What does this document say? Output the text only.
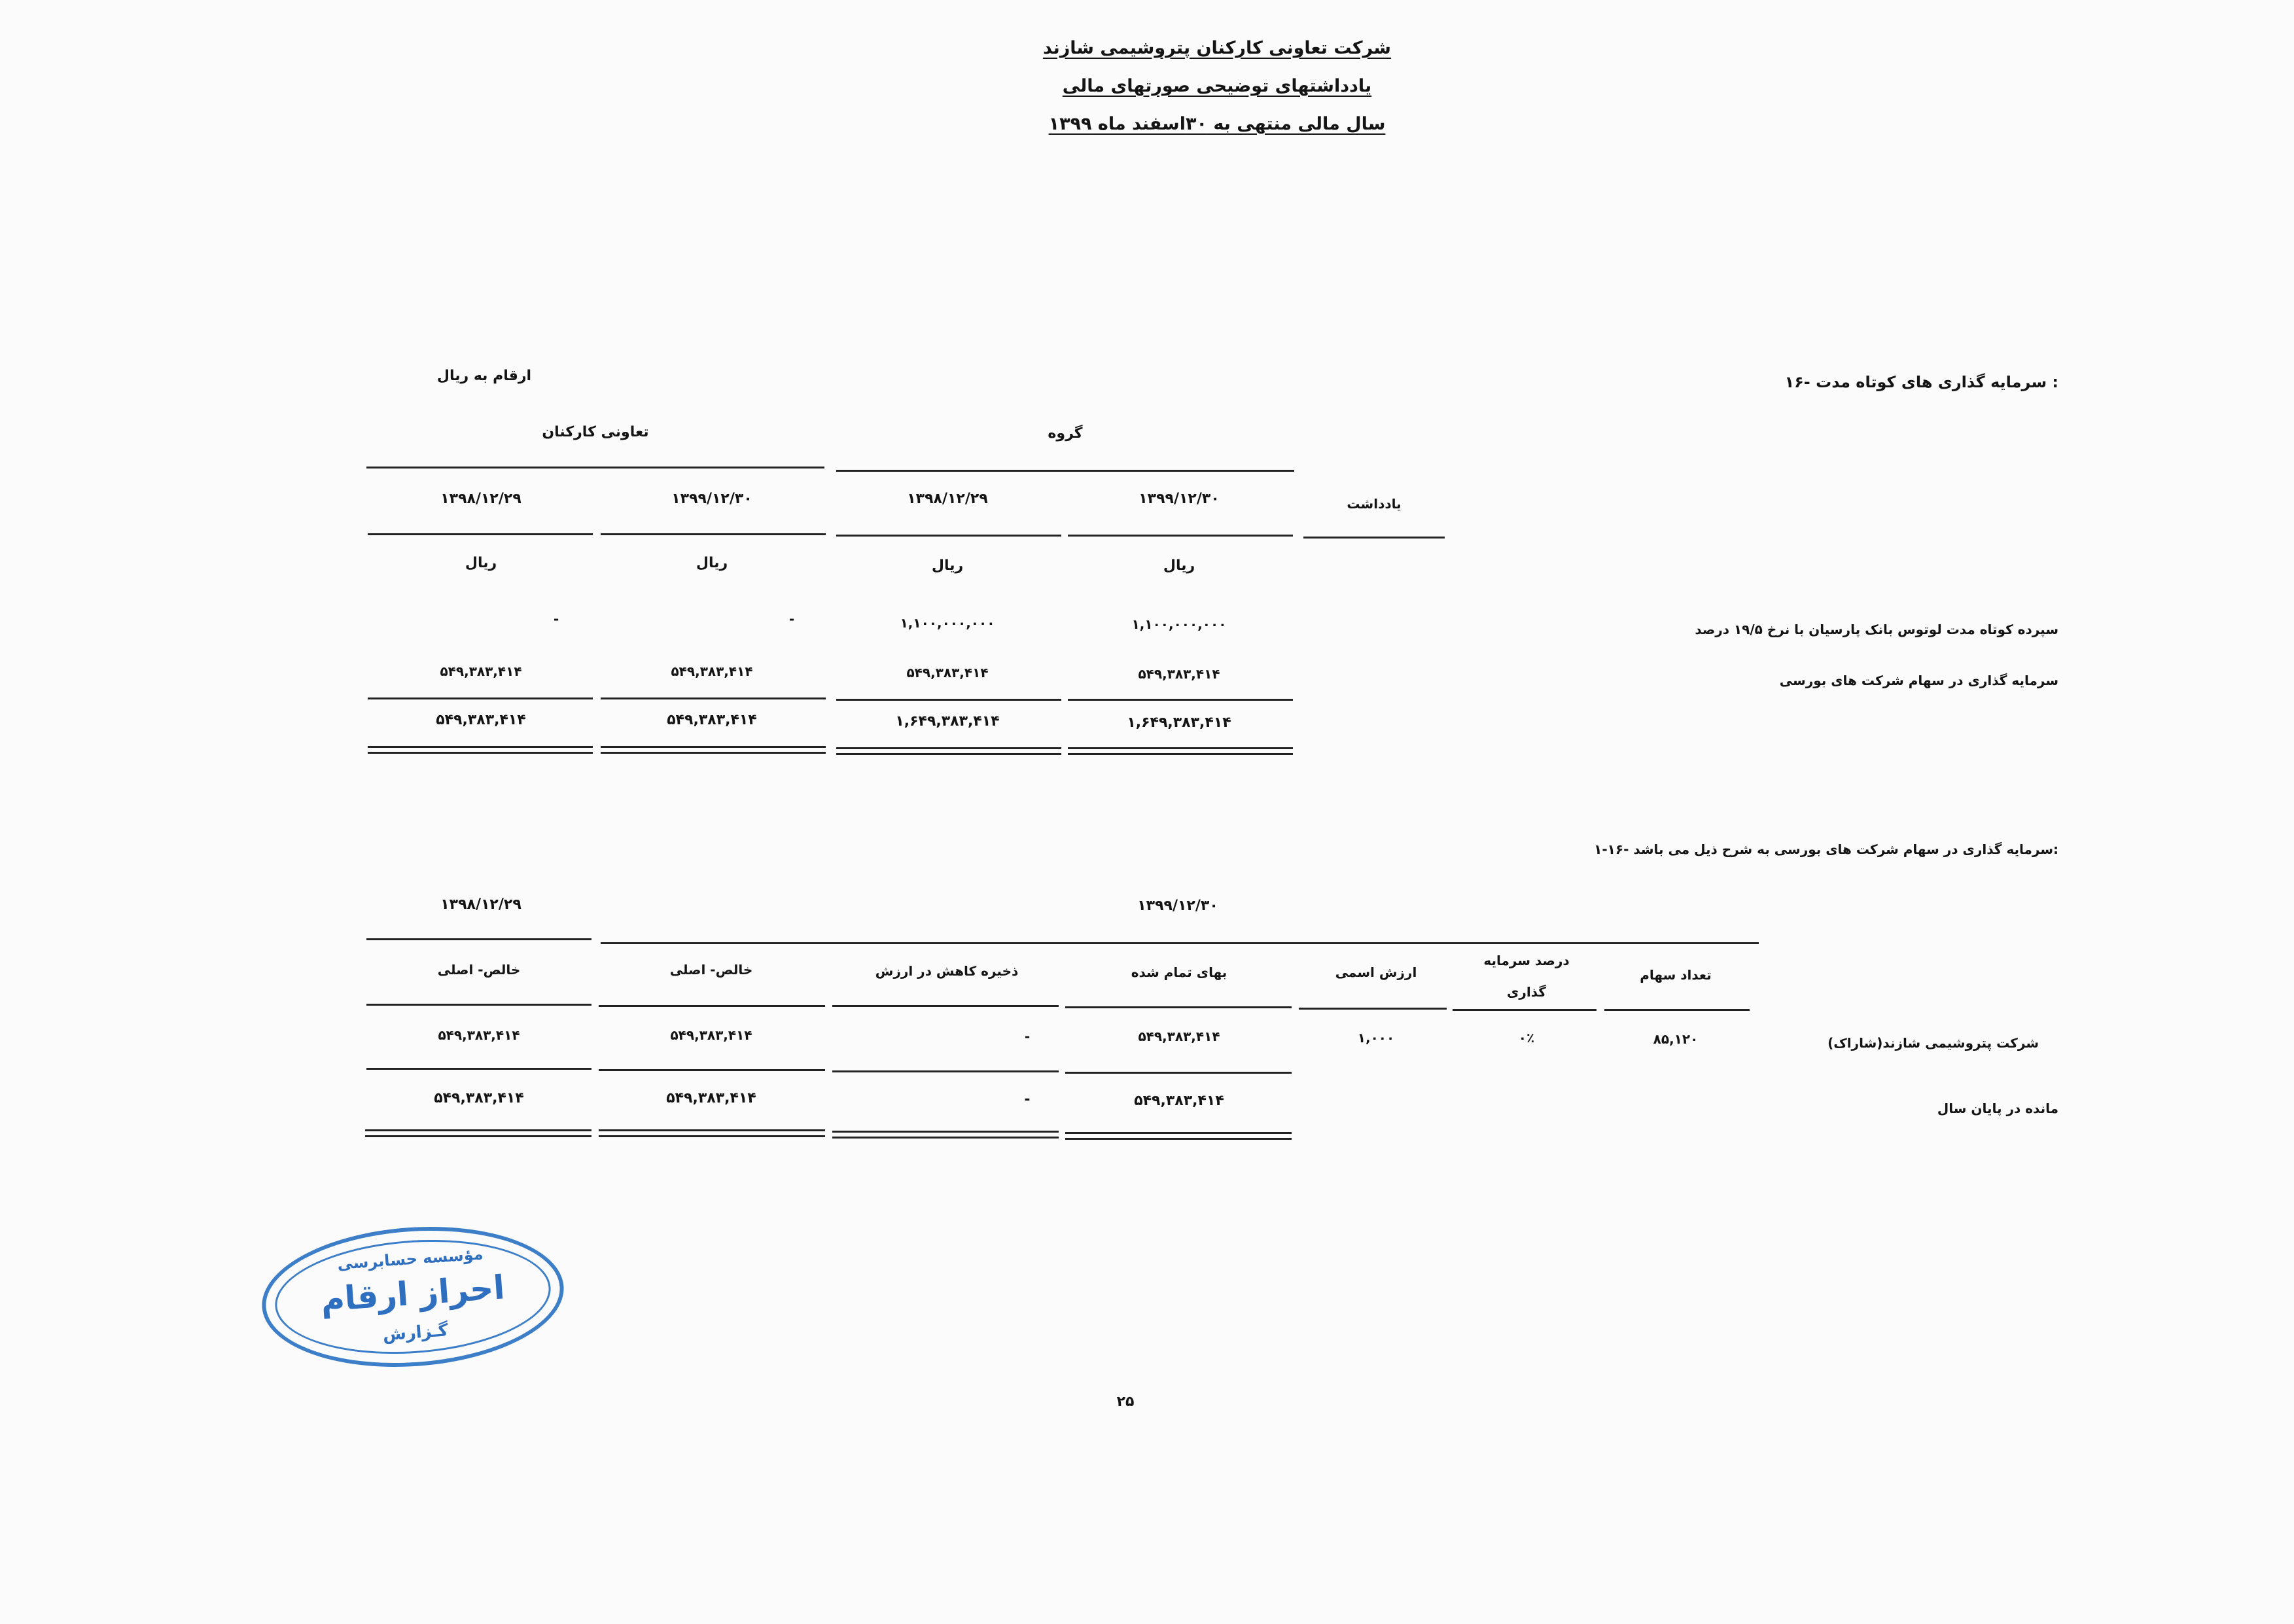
شرکت تعاونی کارکنان پتروشیمی شازند
یادداشتهای توضیحی صورتهای مالی
سال مالی منتهی به ۳۰اسفند ماه ۱۳۹۹
۱۶- سرمایه گذاری های کوتاه مدت :
ارقام به ریال
گروه
تعاونی کارکنان
یادداشت
۱۳۹۹/۱۲/۳۰
۱۳۹۸/۱۲/۲۹
۱۳۹۹/۱۲/۳۰
۱۳۹۸/۱۲/۲۹
ریال
ریال
ریال
ریال
سپرده کوتاه مدت لوتوس بانک پارسیان با نرخ ۱۹/۵ درصد
۱,۱۰۰,۰۰۰,۰۰۰
۱,۱۰۰,۰۰۰,۰۰۰
-
-
سرمایه گذاری در سهام شرکت های بورسی
۵۴۹,۳۸۳,۴۱۴
۵۴۹,۳۸۳,۴۱۴
۵۴۹,۳۸۳,۴۱۴
۵۴۹,۳۸۳,۴۱۴
۱,۶۴۹,۳۸۳,۴۱۴
۱,۶۴۹,۳۸۳,۴۱۴
۵۴۹,۳۸۳,۴۱۴
۵۴۹,۳۸۳,۴۱۴
۱-۱۶- سرمایه گذاری در سهام شرکت های بورسی به شرح ذیل می باشد:
۱۳۹۹/۱۲/۳۰
۱۳۹۸/۱۲/۲۹
تعداد سهام
درصد سرمایه
گذاری
ارزش اسمی
بهای تمام شده
ذخیره کاهش در ارزش
خالص- اصلی
خالص- اصلی
شرکت پتروشیمی شازند(شاراک)
۸۵,۱۲۰
۰٪
۱,۰۰۰
۵۴۹,۳۸۳,۴۱۴
-
۵۴۹,۳۸۳,۴۱۴
۵۴۹,۳۸۳,۴۱۴
مانده در پایان سال
۵۴۹,۳۸۳,۴۱۴
-
۵۴۹,۳۸۳,۴۱۴
۵۴۹,۳۸۳,۴۱۴
مؤسسه حسابرسی
احراز ارقام
گـزارش
۲۵
